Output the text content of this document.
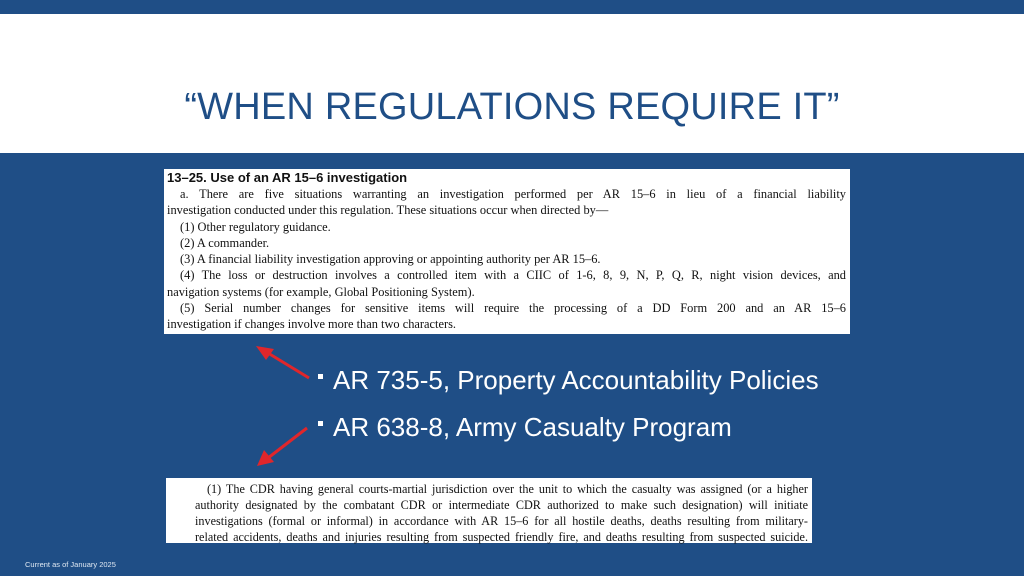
“WHEN REGULATIONS REQUIRE IT”
13–25. Use of an AR 15–6 investigation
a. There are five situations warranting an investigation performed per AR 15–6 in lieu of a financial liability
investigation conducted under this regulation. These situations occur when directed by—
(1) Other regulatory guidance.
(2) A commander.
(3) A financial liability investigation approving or appointing authority per AR 15–6.
(4) The loss or destruction involves a controlled item with a CIIC of 1-6, 8, 9, N, P, Q, R, night vision devices, and
navigation systems (for example, Global Positioning System).
(5) Serial number changes for sensitive items will require the processing of a DD Form 200 and an AR 15–6
investigation if changes involve more than two characters.
AR 735-5, Property Accountability Policies
AR 638-8, Army Casualty Program
(1) The CDR having general courts-martial jurisdiction over the unit to which the casualty was assigned (or a higher
authority designated by the combatant CDR or intermediate CDR authorized to make such designation) will initiate
investigations (formal or informal) in accordance with AR 15–6 for all hostile deaths, deaths resulting from military-
related accidents, deaths and injuries resulting from suspected friendly fire, and deaths resulting from suspected suicide.
Current as of January 2025
